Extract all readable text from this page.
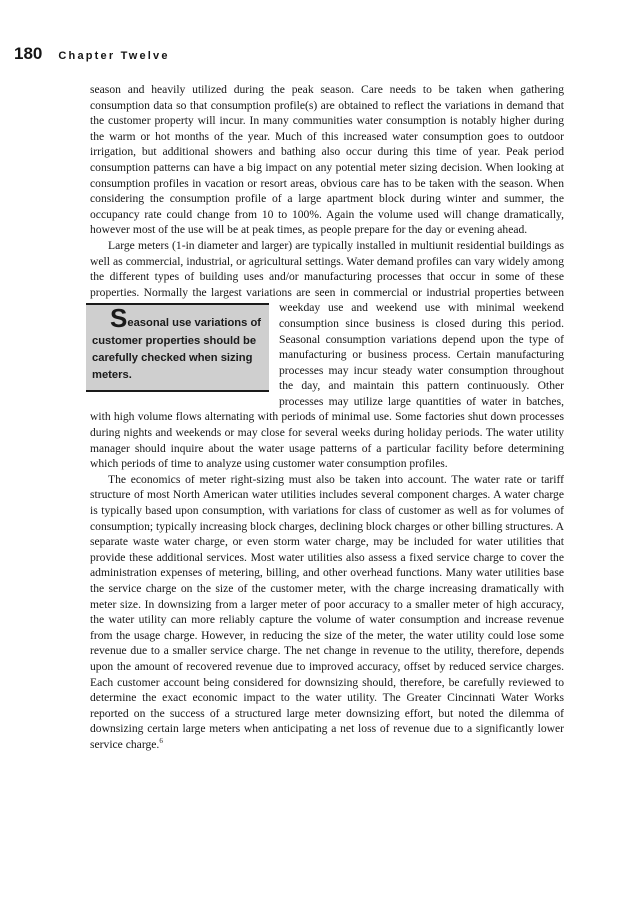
180 Chapter Twelve

season and heavily utilized during the peak season. Care needs to be taken when gathering consumption data so that consumption profile(s) are obtained to reflect the variations in demand that the customer property will incur. In many communities water consumption is notably higher during the warm or hot months of the year. Much of this increased water consumption goes to outdoor irrigation, but additional showers and bathing also occur during this time of year. Peak period consumption patterns can have a big impact on any potential meter sizing decision. When looking at consumption profiles in vacation or resort areas, obvious care has to be taken with the season. When considering the consumption profile of a large apartment block during winter and summer, the occupancy rate could change from 10 to 100%. Again the volume used will change dramatically, however most of the use will be at peak times, as people prepare for the day or evening ahead.

Large meters (1-in diameter and larger) are typically installed in multiunit residential buildings as well as commercial, industrial, or agricultural settings. Water demand profiles can vary widely among the different types of building uses and/or manufacturing processes that occur in some of these properties. Normally the largest variations are seen in commercial or industrial properties between weekday use and weekend use
Seasonal use variations of customer properties should be carefully checked when sizing meters.
with minimal weekend consumption since business is closed during this period. Seasonal consumption variations depend upon the type of manufacturing or business process. Certain manufacturing processes may incur steady water consumption throughout the day, and maintain this pattern continuously. Other processes may utilize large quantities of water in batches, with high volume flows alternating with periods of minimal use. Some factories shut down processes during nights and weekends or may close for several weeks during holiday periods. The water utility manager should inquire about the water usage patterns of a particular facility before determining which periods of time to analyze using customer water consumption profiles.

The economics of meter right-sizing must also be taken into account. The water rate or tariff structure of most North American water utilities includes several component charges. A water charge is typically based upon consumption, with variations for class of customer as well as for volumes of consumption; typically increasing block charges, declining block charges or other billing structures. A separate waste water charge, or even storm water charge, may be included for water utilities that provide these additional services. Most water utilities also assess a fixed service charge to cover the administration expenses of metering, billing, and other overhead functions. Many water utilities base the service charge on the size of the customer meter, with the charge increasing dramatically with meter size. In downsizing from a larger meter of poor accuracy to a smaller meter of high accuracy, the water utility can more reliably capture the volume of water consumption and increase revenue from the usage charge. However, in reducing the size of the meter, the water utility could lose some revenue due to a smaller service charge. The net change in revenue to the utility, therefore, depends upon the amount of recovered revenue due to improved accuracy, offset by reduced service charges. Each customer account being considered for downsizing should, therefore, be carefully reviewed to determine the exact economic impact to the water utility. The Greater Cincinnati Water Works reported on the success of a structured large meter downsizing effort, but noted the dilemma of downsizing certain large meters when anticipating a net loss of revenue due to a significantly lower service charge.$^6$
